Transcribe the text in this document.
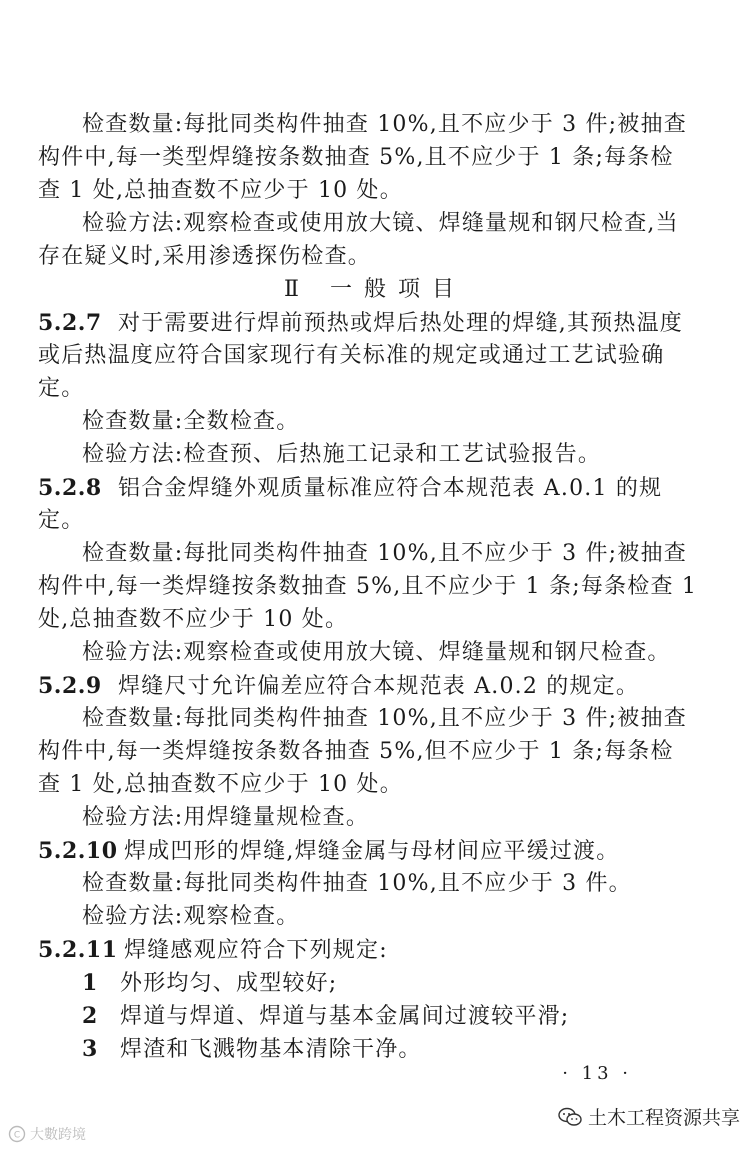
检查数量:每批同类构件抽查 10%,且不应少于 3 件;被抽查
构件中,每一类型焊缝按条数抽查 5%,且不应少于 1 条;每条检
查 1 处,总抽查数不应少于 10 处。
检验方法:观察检查或使用放大镜、焊缝量规和钢尺检查,当
存在疑义时,采用渗透探伤检查。
Ⅱ 一般项目
5.2.7 对于需要进行焊前预热或焊后热处理的焊缝,其预热温度
或后热温度应符合国家现行有关标准的规定或通过工艺试验确
定。
检查数量:全数检查。
检验方法:检查预、后热施工记录和工艺试验报告。
5.2.8 铝合金焊缝外观质量标准应符合本规范表 A.0.1 的规
定。
检查数量:每批同类构件抽查 10%,且不应少于 3 件;被抽查
构件中,每一类焊缝按条数抽查 5%,且不应少于 1 条;每条检查 1
处,总抽查数不应少于 10 处。
检验方法:观察检查或使用放大镜、焊缝量规和钢尺检查。
5.2.9 焊缝尺寸允许偏差应符合本规范表 A.0.2 的规定。
检查数量:每批同类构件抽查 10%,且不应少于 3 件;被抽查
构件中,每一类焊缝按条数各抽查 5%,但不应少于 1 条;每条检
查 1 处,总抽查数不应少于 10 处。
检验方法:用焊缝量规检查。
5.2.10 焊成凹形的焊缝,焊缝金属与母材间应平缓过渡。
检查数量:每批同类构件抽查 10%,且不应少于 3 件。
检验方法:观察检查。
5.2.11 焊缝感观应符合下列规定:
1 外形均匀、成型较好;
2 焊道与焊道、焊道与基本金属间过渡较平滑;
3 焊渣和飞溅物基本清除干净。
· 13 ·
土木工程资源共享
C 大數跨境
